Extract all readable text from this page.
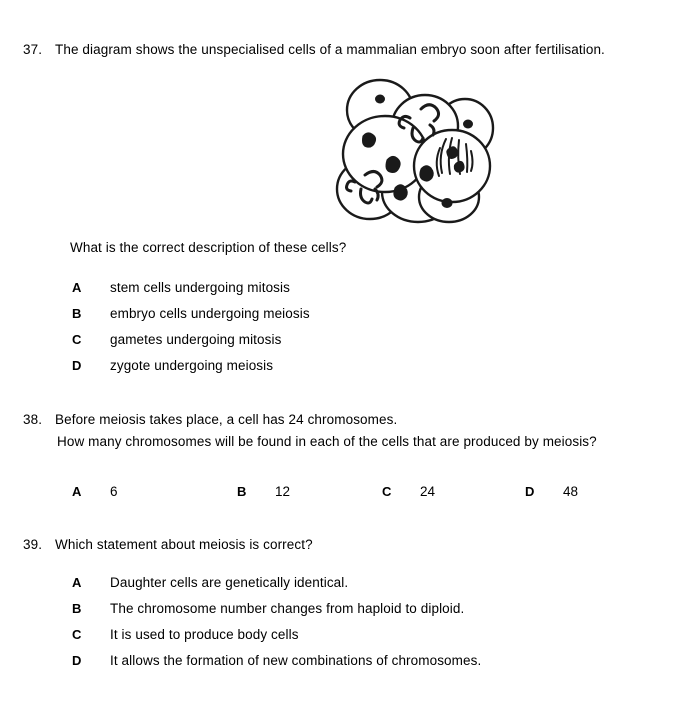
37. The diagram shows the unspecialised cells of a mammalian embryo soon after fertilisation.
What is the correct description of these cells?
A	stem cells undergoing mitosis
B	embryo cells undergoing meiosis
C	gametes undergoing mitosis
D	zygote undergoing meiosis
38. Before meiosis takes place, a cell has 24 chromosomes.
How many chromosomes will be found in each of the cells that are produced by meiosis?
A	6	B	12	C	24	D	48
39. Which statement about meiosis is correct?
A	Daughter cells are genetically identical.
B	The chromosome number changes from haploid to diploid.
C	It is used to produce body cells
D	It allows the formation of new combinations of chromosomes.
